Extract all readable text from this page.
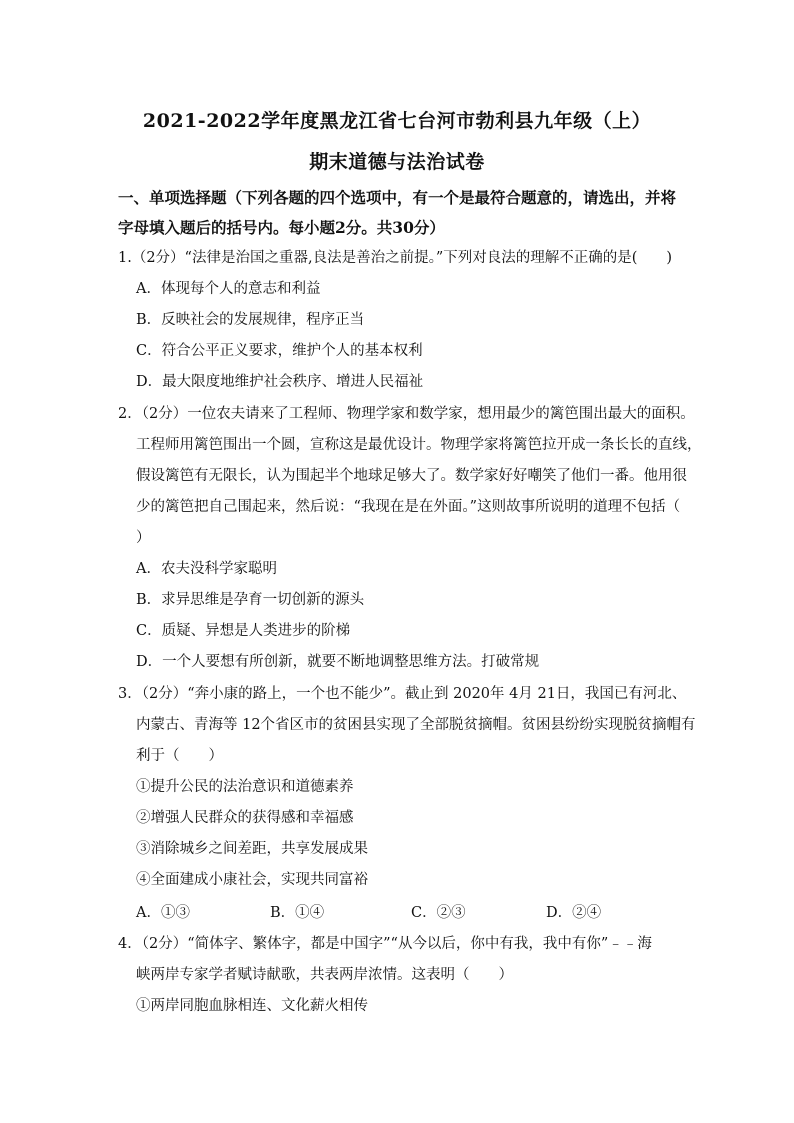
2021-2022学年度黑龙江省七台河市勃利县九年级（上）
期末道德与法治试卷
一、单项选择题（下列各题的四个选项中，有一个是最符合题意的，请选出，并将字母填入题后的括号内。每小题2分。共30分）
1.（2分）“法律是治国之重器,良法是善治之前提。”下列对良法的理解不正确的是(　　)
A．体现每个人的意志和利益
B．反映社会的发展规律，程序正当
C．符合公平正义要求，维护个人的基本权利
D．最大限度地维护社会秩序、增进人民福祉
2．（2分）一位农夫请来了工程师、物理学家和数学家，想用最少的篱笆围出最大的面积。
工程师用篱笆围出一个圆，宣称这是最优设计。物理学家将篱笆拉开成一条长长的直线，
假设篱笆有无限长，认为围起半个地球足够大了。数学家好好嘲笑了他们一番。他用很
少的篱笆把自己围起来，然后说：“我现在是在外面。”这则故事所说明的道理不包括（
）
A．农夫没科学家聪明
B．求异思维是孕育一切创新的源头
C．质疑、异想是人类进步的阶梯
D．一个人要想有所创新，就要不断地调整思维方法。打破常规
3．（2分）“奔小康的路上，一个也不能少”。截止到 2020年 4月 21日，我国已有河北、
内蒙古、青海等 12个省区市的贫困县实现了全部脱贫摘帽。贫困县纷纷实现脱贫摘帽有
利于（　　）
①提升公民的法治意识和道德素养
②增强人民群众的获得感和幸福感
③消除城乡之间差距，共享发展成果
④全面建成小康社会，实现共同富裕
A．①③	B．①④	C．②③	D．②④
4．（2分）“简体字、繁体字，都是中国字”“从今以后，你中有我，我中有你”﹣﹣海
峡两岸专家学者赋诗献歌，共表两岸浓情。这表明（　　）
①两岸同胞血脉相连、文化薪火相传
